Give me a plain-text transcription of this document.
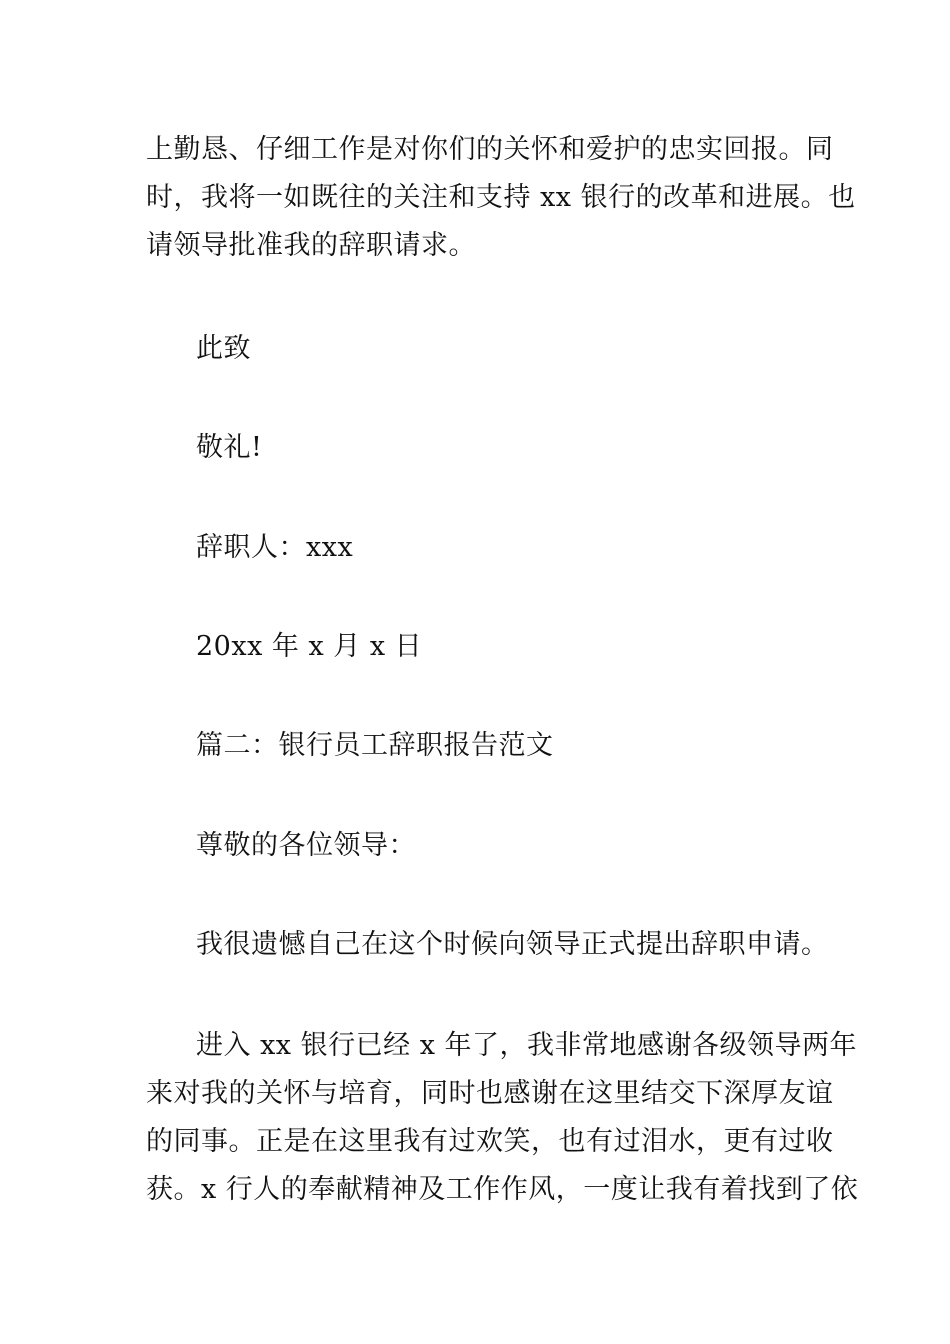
上勤恳、仔细工作是对你们的关怀和爱护的忠实回报。同
时，我将一如既往的关注和支持 xx 银行的改革和进展。也
请领导批准我的辞职请求。
此致
敬礼!
辞职人：xxx
20xx 年 x 月 x 日
篇二：银行员工辞职报告范文
尊敬的各位领导：
我很遗憾自己在这个时候向领导正式提出辞职申请。
进入 xx 银行已经 x 年了，我非常地感谢各级领导两年
来对我的关怀与培育，同时也感谢在这里结交下深厚友谊
的同事。正是在这里我有过欢笑，也有过泪水，更有过收
获。x 行人的奉献精神及工作作风，一度让我有着找到了依
